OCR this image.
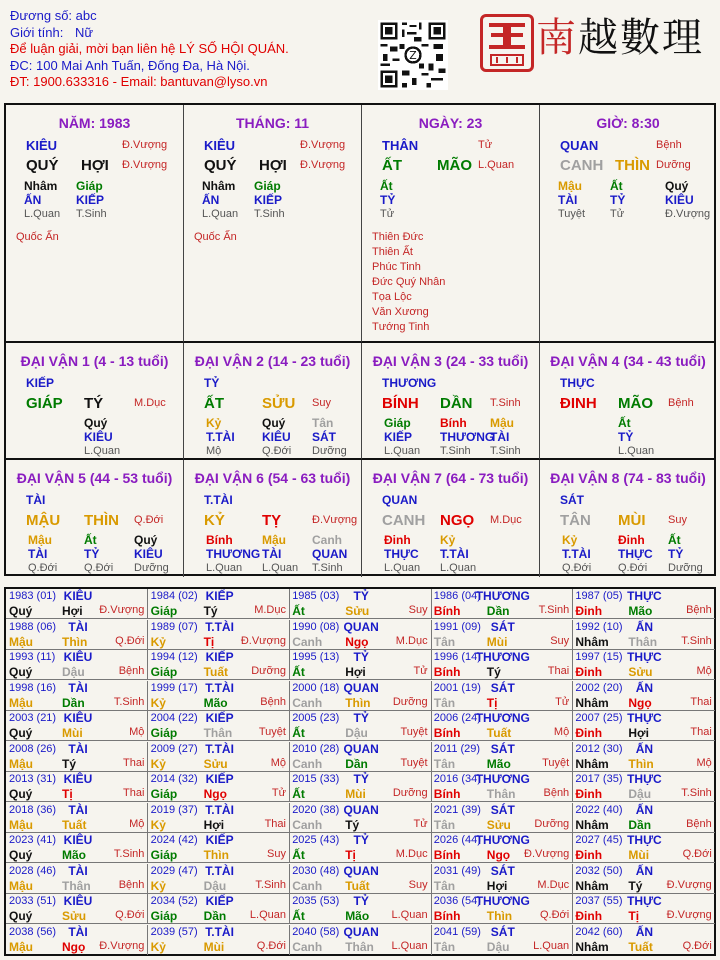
Đương số: abc
Giới tính: Nữ
Để luận giải, mời bạn liên hệ LÝ SỐ HỘI QUÁN.
ĐC: 100 Mai Anh Tuấn, Đống Đa, Hà Nội.
ĐT: 1900.633316 - Email: bantuvan@lyso.vn
Z	南越數理
NĂM: 1983
KIÊU	Đ.Vượng
QUÝ HỢI Đ.Vượng
Nhâm
ẤN
L.Quan
Giáp
KIẾP
T.Sinh
Quốc Ấn
THÁNG: 11
KIÊU	Đ.Vượng
QUÝ HỢI Đ.Vượng
Nhâm
ẤN
L.Quan
Giáp
KIẾP
T.Sinh
Quốc Ấn
NGÀY: 23
THÂN	Tử
ẤT MÃO L.Quan
Ất
TỶ
Tử
Thiên Đức
Thiên Ất
Phúc Tinh
Đức Quý Nhân
Tọa Lộc
Văn Xương
Tướng Tinh
GIỜ: 8:30
QUAN	Bệnh
CANH THÌN Dưỡng
Mậu
TÀI
Tuyệt
Ất
TỶ
Tử
Quý
KIÊU
Đ.Vượng
ĐẠI VẬN 1 (4 - 13 tuổi)
KIẾP
GIÁP TÝ	M.Dục
Quý
KIÊU
L.Quan
ĐẠI VẬN 2 (14 - 23 tuổi)
TỶ
ẤT	SỬU Suy
Kỷ
T.TÀI
Mộ
Quý
KIÊU
Q.Đới
Tân
SÁT
Dưỡng
ĐẠI VẬN 3 (24 - 33 tuổi)
THƯƠNG
BÍNH DẦN T.Sinh
Giáp
KIẾP
L.Quan
Bính
THƯƠNG
T.Sinh
Mậu
TÀI
T.Sinh
ĐẠI VẬN 4 (34 - 43 tuổi)
THỰC
ĐINH MÃO Bệnh
Ất
TỶ
L.Quan
ĐẠI VẬN 5 (44 - 53 tuổi)
TÀI
MẬU THÌN Q.Đới
Mậu
TÀI
Q.Đới
Ất
TỶ
Q.Đới
Quý
KIÊU
Dưỡng
ĐẠI VẬN 6 (54 - 63 tuổi)
T.TÀI
KỶ TỴ	Đ.Vượng
Bính
THƯƠNG
L.Quan
Mậu
TÀI
L.Quan
Canh
QUAN
T.Sinh
ĐẠI VẬN 7 (64 - 73 tuổi)
QUAN
CANH NGỌ M.Dục
Đinh
THỰC
L.Quan
Kỷ
T.TÀI
L.Quan
ĐẠI VẬN 8 (74 - 83 tuổi)
SÁT
TÂN MÙI Suy
Kỷ
T.TÀI
Q.Đới
Đinh
THỰC
Q.Đới
Ất
TỶ
Dưỡng
1983 (01) KIÊU
Quý Hợi Đ.Vượng
1984 (02) KIẾP
Giáp Tý	M.Dục
1985 (03) TỶ
Ất	Sửu	Suy
1986 (04)
THƯƠNG
Bính Dần	T.Sinh
1987 (05) THỰC
Đinh Mão	Bệnh
1988 (06) TÀI
Mậu Thìn	Q.Đới
1989 (07) T.TÀI
Kỷ	Tị Đ.Vượng
1990 (08) QUAN
Canh Ngọ M.Dục
1991 (09) SÁT
Tân	Mùi	Suy
1992 (10) ẤN
Nhâm Thân T.Sinh
1993 (11) KIÊU
Quý Dậu	Bệnh
1994 (12) KIẾP
Giáp Tuất Dưỡng
1995 (13) TỶ
Ất	Hợi	Tử
1996 (14)
THƯƠNG
Bính Tý	Thai
1997 (15) THỰC
Đinh Sửu	Mộ
1998 (16) TÀI
Mậu Dần	T.Sinh
1999 (17) T.TÀI
Kỷ	Mão	Bệnh
2000 (18) QUAN
Canh Thìn Dưỡng
2001 (19) SÁT
Tân	Tị	Tử
2002 (20) ẤN
Nhâm Ngọ	Thai
2003 (21) KIÊU
Quý Mùi	Mộ
2004 (22) KIẾP
Giáp Thân Tuyệt
2005 (23) TỶ
Ất	Dậu	Tuyệt
2006 (24)
THƯƠNG
Bính Tuất	Mộ
2007 (25) THỰC
Đinh Hợi	Thai
2008 (26) TÀI
Mậu Tý	Thai
2009 (27) T.TÀI
Kỷ	Sửu	Mộ
2010 (28) QUAN
Canh Dần	Tuyệt
2011 (29) SÁT
Tân	Mão	Tuyệt
2012 (30) ẤN
Nhâm Thìn	Mộ
2013 (31) KIÊU
Quý Tị	Thai
2014 (32) KIẾP
Giáp Ngọ	Tử
2015 (33) TỶ
Ất	Mùi Dưỡng
2016 (34)
THƯƠNG
Bính Thân	Bệnh
2017 (35) THỰC
Đinh Dậu	T.Sinh
2018 (36) TÀI
Mậu Tuất	Mộ
2019 (37) T.TÀI
Kỷ	Hợi	Thai
2020 (38) QUAN
Canh Tý	Tử
2021 (39) SÁT
Tân	Sửu Dưỡng
2022 (40) ẤN
Nhâm Dần	Bệnh
2023 (41) KIÊU
Quý Mão	T.Sinh
2024 (42) KIẾP
Giáp Thìn	Suy
2025 (43) TỶ
Ất	Tị	M.Dục
2026 (44)
THƯƠNG
Bính Ngọ Đ.Vượng
2027 (45) THỰC
Đinh Mùi	Q.Đới
2028 (46) TÀI
Mậu Thân	Bệnh
2029 (47) T.TÀI
Kỷ	Dậu	T.Sinh
2030 (48) QUAN
Canh Tuất	Suy
2031 (49) SÁT
Tân	Hợi	M.Dục
2032 (50) ẤN
Nhâm Tý Đ.Vượng
2033 (51) KIÊU
Quý Sửu	Q.Đới
2034 (52) KIẾP
Giáp Dần L.Quan
2035 (53) TỶ
Ất	Mão L.Quan
2036 (54)
THƯƠNG
Bính Thìn	Q.Đới
2037 (55) THỰC
Đinh Tị	Đ.Vượng
2038 (56) TÀI
Mậu Ngọ Đ.Vượng
2039 (57) T.TÀI
Kỷ	Mùi	Q.Đới
2040 (58) QUAN
Canh Thân L.Quan
2041 (59) SÁT
Tân	Dậu L.Quan
2042 (60) ẤN
Nhâm Tuất	Q.Đới
